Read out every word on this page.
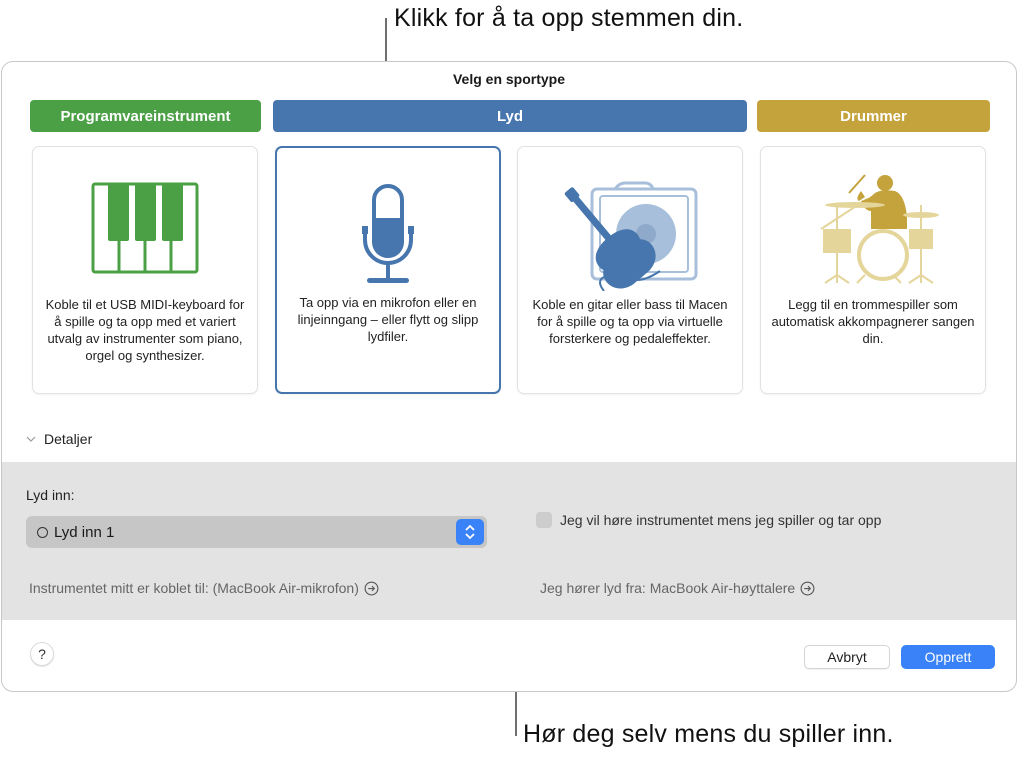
Klikk for å ta opp stemmen din.
Hør deg selv mens du spiller inn.
Velg en sportype
Programvareinstrument	Lyd	Drummer
Koble til et USB MIDI-keyboard for å spille og ta opp med et variert utvalg av instrumenter som piano, orgel og synthesizer.
Ta opp via en mikrofon eller en linjeinngang – eller flytt og slipp lydfiler.
Koble en gitar eller bass til Macen for å spille og ta opp via virtuelle forsterkere og pedaleffekter.
Legg til en trommespiller som automatisk akkompagnerer sangen din.
Detaljer
Lyd inn:
Lyd inn 1
Instrumentet mitt er koblet til: (MacBook Air-mikrofon)
Jeg vil høre instrumentet mens jeg spiller og tar opp
Jeg hører lyd fra: MacBook Air-høyttalere
?	Avbryt	Opprett
